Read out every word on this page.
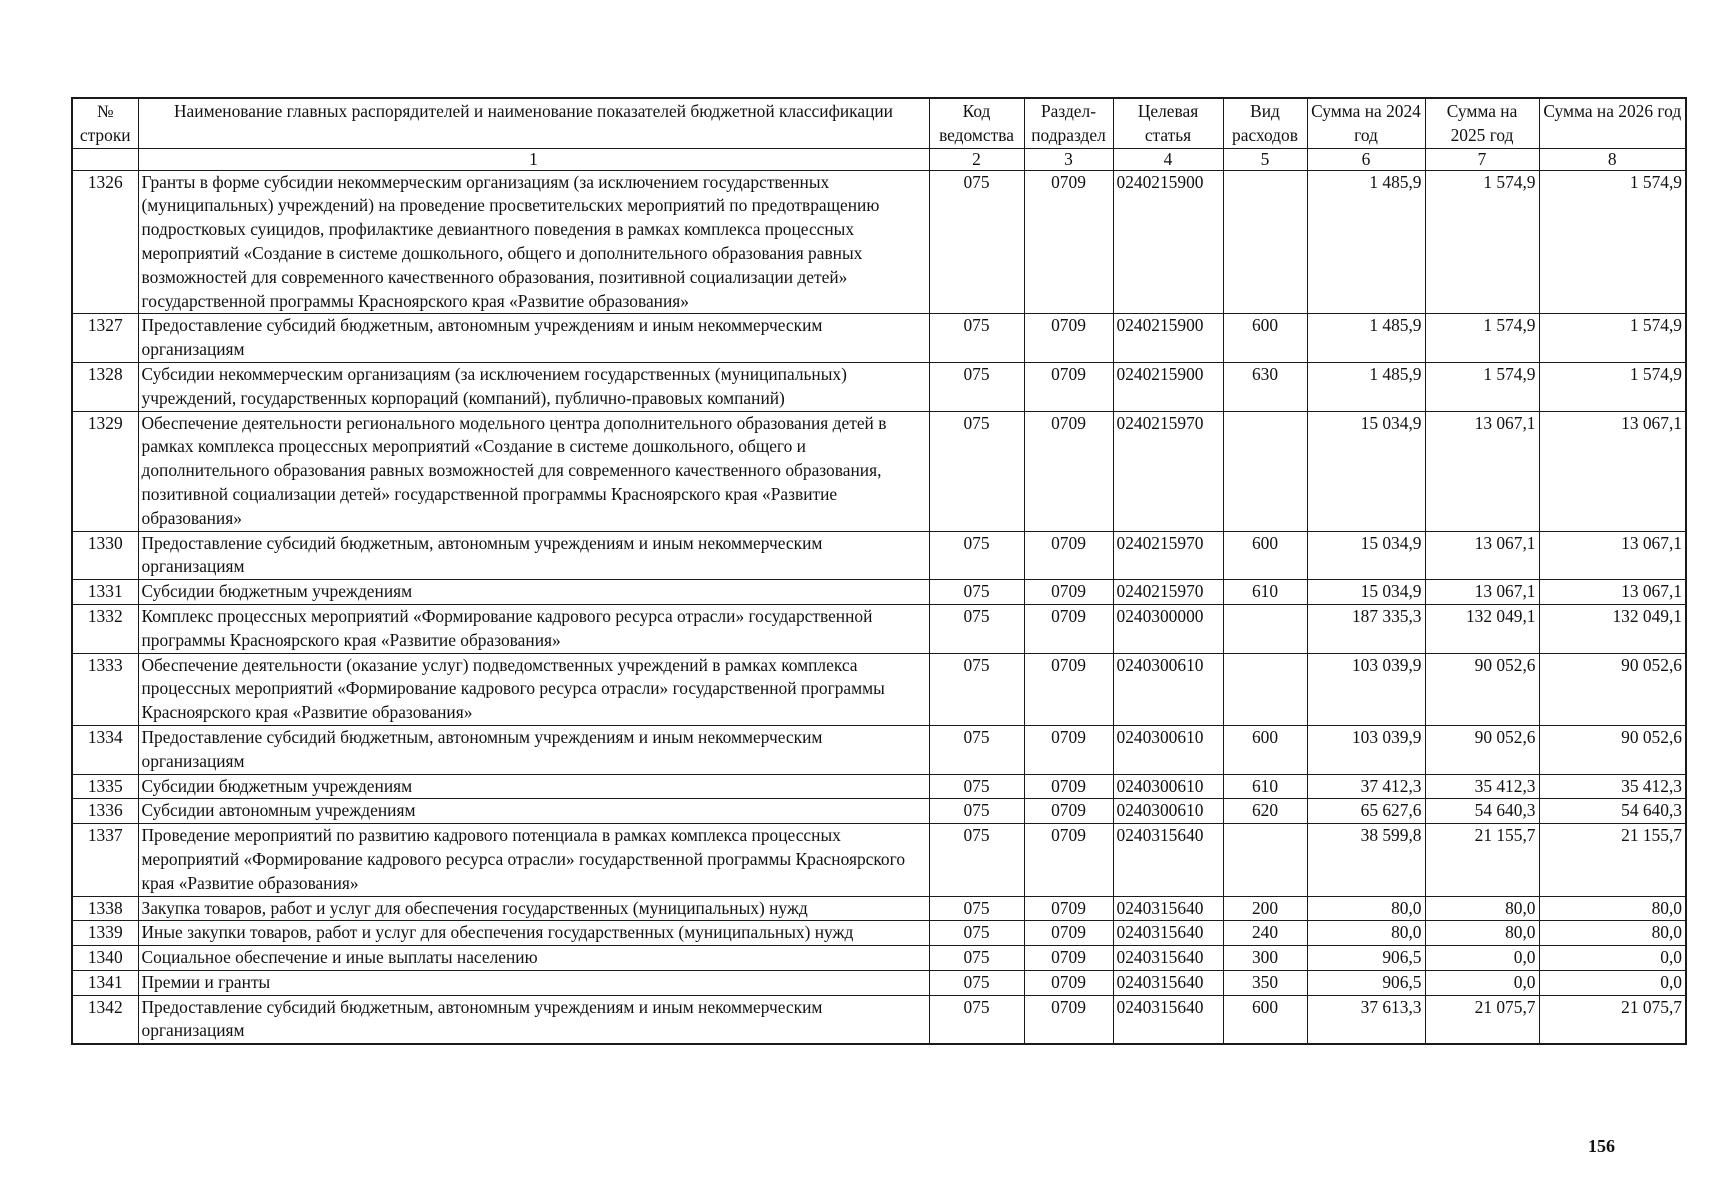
№ строки	Наименование главных распорядителей и наименование показателей бюджетной классификации	Код ведомства	Раздел-подраздел	Целевая статья	Вид расходов	Сумма на 2024 год	Сумма на 2025 год	Сумма на 2026 год
	1	2	3	4	5	6	7	8
1326	Гранты в форме субсидии некоммерческим организациям (за исключением государственных (муниципальных) учреждений) на проведение просветительских мероприятий по предотвращению подростковых суицидов, профилактике девиантного поведения в рамках комплекса процессных мероприятий «Создание в системе дошкольного, общего и дополнительного образования равных возможностей для современного качественного образования, позитивной социализации детей» государственной программы Красноярского края «Развитие образования»	075	0709	0240215900		1 485,9	1 574,9	1 574,9
1327	Предоставление субсидий бюджетным, автономным учреждениям и иным некоммерческим организациям	075	0709	0240215900	600	1 485,9	1 574,9	1 574,9
1328	Субсидии некоммерческим организациям (за исключением государственных (муниципальных) учреждений, государственных корпораций (компаний), публично-правовых компаний)	075	0709	0240215900	630	1 485,9	1 574,9	1 574,9
1329	Обеспечение деятельности регионального модельного центра дополнительного образования детей в рамках комплекса процессных мероприятий «Создание в системе дошкольного, общего и дополнительного образования равных возможностей для современного качественного образования, позитивной социализации детей» государственной программы Красноярского края «Развитие образования»	075	0709	0240215970		15 034,9	13 067,1	13 067,1
1330	Предоставление субсидий бюджетным, автономным учреждениям и иным некоммерческим организациям	075	0709	0240215970	600	15 034,9	13 067,1	13 067,1
1331	Субсидии бюджетным учреждениям	075	0709	0240215970	610	15 034,9	13 067,1	13 067,1
1332	Комплекс процессных мероприятий «Формирование кадрового ресурса отрасли» государственной программы Красноярского края «Развитие образования»	075	0709	0240300000		187 335,3	132 049,1	132 049,1
1333	Обеспечение деятельности (оказание услуг) подведомственных учреждений в рамках комплекса процессных мероприятий «Формирование кадрового ресурса отрасли» государственной программы Красноярского края «Развитие образования»	075	0709	0240300610		103 039,9	90 052,6	90 052,6
1334	Предоставление субсидий бюджетным, автономным учреждениям и иным некоммерческим организациям	075	0709	0240300610	600	103 039,9	90 052,6	90 052,6
1335	Субсидии бюджетным учреждениям	075	0709	0240300610	610	37 412,3	35 412,3	35 412,3
1336	Субсидии автономным учреждениям	075	0709	0240300610	620	65 627,6	54 640,3	54 640,3
1337	Проведение мероприятий по развитию кадрового потенциала в рамках комплекса процессных мероприятий «Формирование кадрового ресурса отрасли» государственной программы Красноярского края «Развитие образования»	075	0709	0240315640		38 599,8	21 155,7	21 155,7
1338	Закупка товаров, работ и услуг для обеспечения государственных (муниципальных) нужд	075	0709	0240315640	200	80,0	80,0	80,0
1339	Иные закупки товаров, работ и услуг для обеспечения государственных (муниципальных) нужд	075	0709	0240315640	240	80,0	80,0	80,0
1340	Социальное обеспечение и иные выплаты населению	075	0709	0240315640	300	906,5	0,0	0,0
1341	Премии и гранты	075	0709	0240315640	350	906,5	0,0	0,0
1342	Предоставление субсидий бюджетным, автономным учреждениям и иным некоммерческим организациям	075	0709	0240315640	600	37 613,3	21 075,7	21 075,7
156
